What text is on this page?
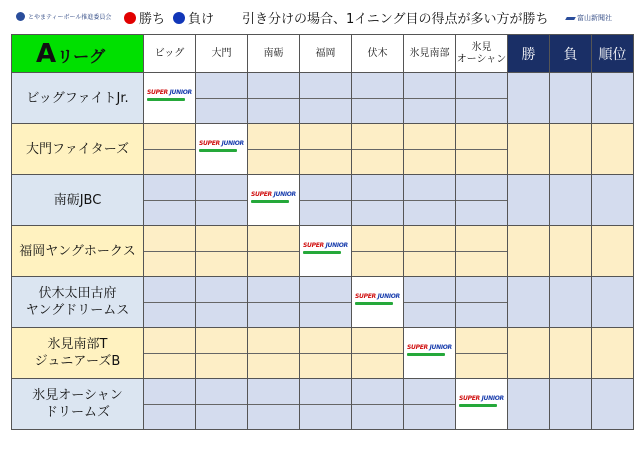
とやまティーボール推進委員会 勝ち 負け 引き分けの場合、1イニング目の得点が多い方が勝ち	富山新聞社
A リーグ	ビッグ	大門	南砺	福岡	伏木	氷見南部	氷見
オーシャン	勝	負	順位
ビッグファイトJr.	SUPER JUNIOR									

大門ファイターズ		SUPER JUNIOR								

南砺JBC			SUPER JUNIOR							

福岡ヤングホークス				SUPER JUNIOR						

伏木太田古府
ヤングドリームス					SUPER JUNIOR					

氷見南部T
ジュニアーズB						SUPER JUNIOR				

氷見オーシャン
ドリームズ							SUPER JUNIOR			
